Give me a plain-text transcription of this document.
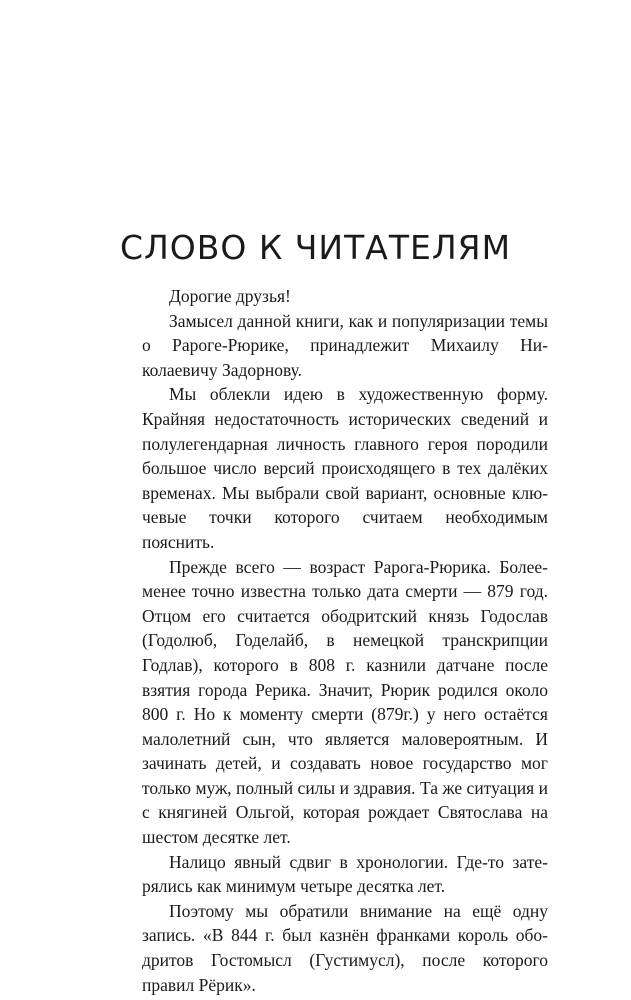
СЛОВО К ЧИТАТЕЛЯМ

Дорогие друзья!

Замысел данной книги, как и популяризации темы о Рароге-Рюрике, принадлежит Михаилу Николаевичу Задорнову.

Мы облекли идею в художественную форму. Крайняя недостаточность исторических сведений и полулегендарная личность главного героя породили большое число версий происходящего в тех далёких временах. Мы выбрали свой вариант, основные ключевые точки которого считаем необходимым пояснить.

Прежде всего — возраст Рарога-Рюрика. Более-менее точно известна только дата смерти — 879 год. Отцом его считается ободритский князь Годослав (Годолюб, Годелайб, в немецкой транскрипции Годлав), которого в 808 г. казнили датчане после взятия города Рерика. Значит, Рюрик родился около 800 г. Но к моменту смерти (879г.) у него остаётся малолетний сын, что является маловероятным. И зачинать детей, и создавать новое государство мог только муж, полный силы и здравия. Та же ситуация и с княгиней Ольгой, которая рождает Святослава на шестом десятке лет.

Налицо явный сдвиг в хронологии. Где-то затерялись как минимум четыре десятка лет.

Поэтому мы обратили внимание на ещё одну запись. «В 844 г. был казнён франками король ободритов Гостомысл (Густимусл), после которого правил Рёрик».
